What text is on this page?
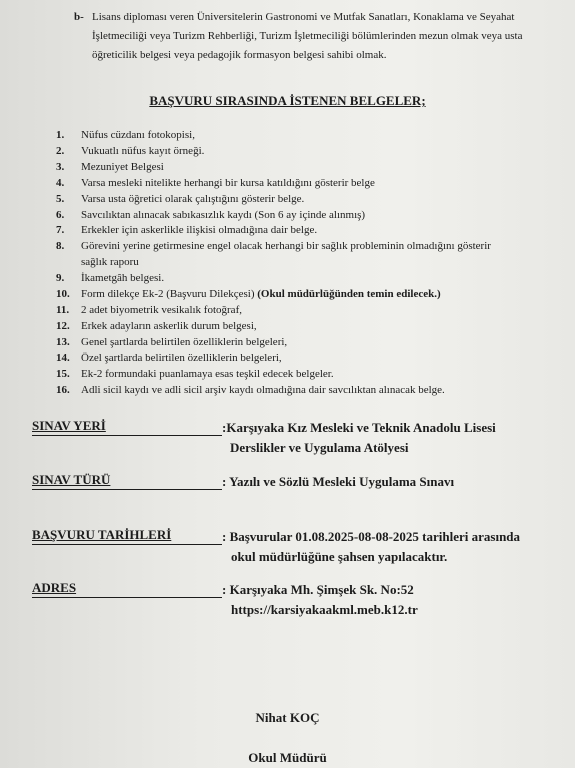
b- Lisans diploması veren Üniversitelerin Gastronomi ve Mutfak Sanatları, Konaklama ve Seyahat
İşletmeciliği veya Turizm Rehberliği, Turizm İşletmeciliği bölümlerinden mezun olmak veya usta
öğreticilik belgesi veya pedagojik formasyon belgesi sahibi olmak.
BAŞVURU SIRASINDA İSTENEN BELGELER;
1. Nüfus cüzdanı fotokopisi,
2. Vukuatlı nüfus kayıt örneği.
3. Mezuniyet Belgesi
4. Varsa mesleki nitelikte herhangi bir kursa katıldığını gösterir belge
5. Varsa usta öğretici olarak çalıştığını gösterir belge.
6. Savcılıktan alınacak sabıkasızlık kaydı (Son 6 ay içinde alınmış)
7. Erkekler için askerlikle ilişkisi olmadığına dair belge.
8. Görevini yerine getirmesine engel olacak herhangi bir sağlık probleminin olmadığını gösterir
sağlık raporu
9. İkametgâh belgesi.
10. Form dilekçe Ek-2 (Başvuru Dilekçesi) (Okul müdürlüğünden temin edilecek.)
11. 2 adet biyometrik vesikalık fotoğraf,
12. Erkek adayların askerlik durum belgesi,
13. Genel şartlarda belirtilen özelliklerin belgeleri,
14. Özel şartlarda belirtilen özelliklerin belgeleri,
15. Ek-2 formundaki puanlamaya esas teşkil edecek belgeler.
16. Adli sicil kaydı ve adli sicil arşiv kaydı olmadığına dair savcılıktan alınacak belge.
SINAV YERİ	:Karşıyaka Kız Mesleki ve Teknik Anadolu Lisesi
Derslikler ve Uygulama Atölyesi
SINAV TÜRÜ	: Yazılı ve Sözlü Mesleki Uygulama Sınavı
BAŞVURU TARİHLERİ	: Başvurular 01.08.2025-08-08-2025 tarihleri arasında
okul müdürlüğüne şahsen yapılacaktır.
ADRES	: Karşıyaka Mh. Şimşek Sk. No:52
https://karsiyakaakml.meb.k12.tr
Nihat KOÇ
Okul Müdürü
